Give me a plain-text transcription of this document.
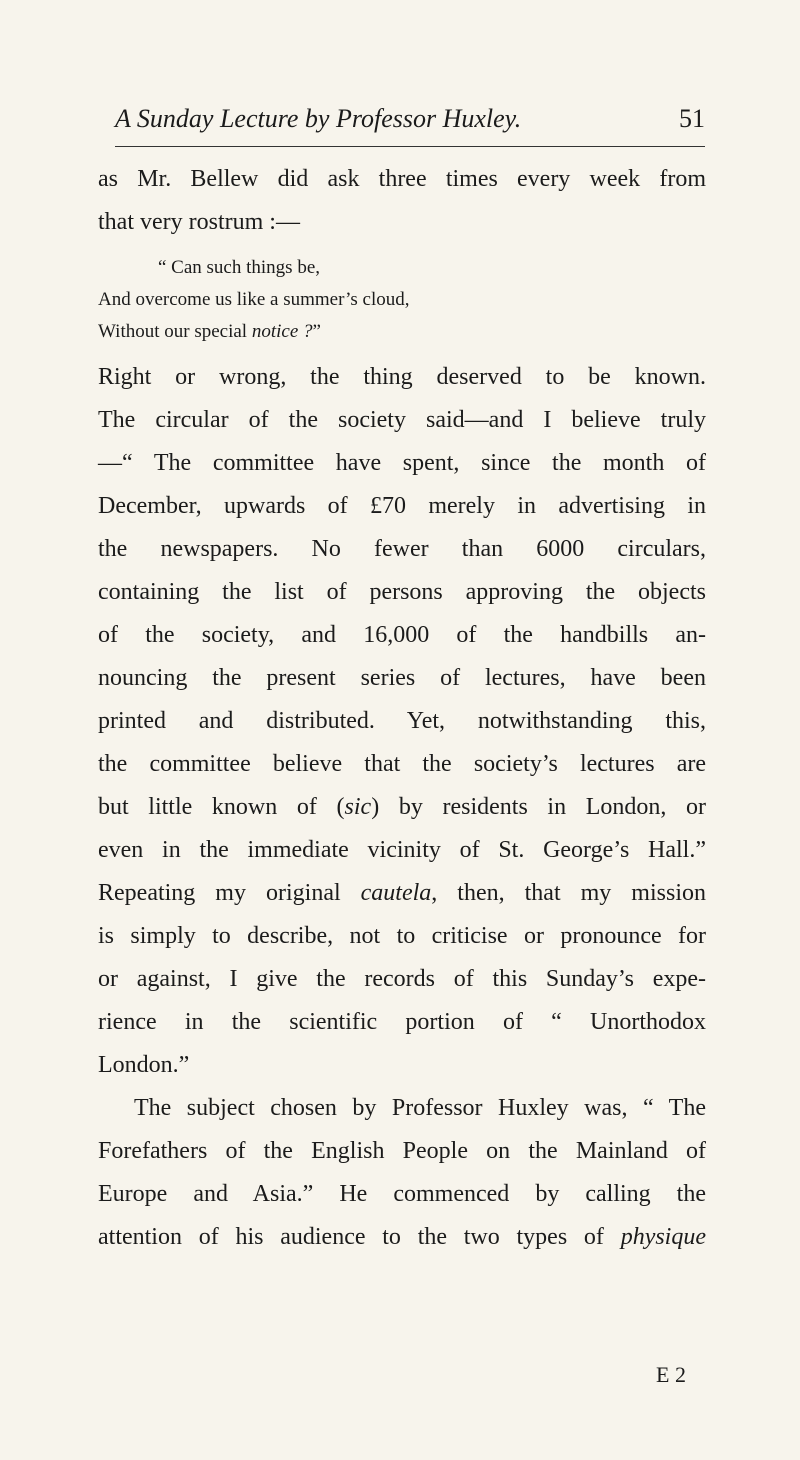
A Sunday Lecture by Professor Huxley.	51
as Mr. Bellew did ask three times every week from
that very rostrum :—
“ Can such things be,
And overcome us like a summer’s cloud,
Without our special notice ?”
Right or wrong, the thing deserved to be known.
The circular of the society said—and I believe truly
—“ The committee have spent, since the month of
December, upwards of £70 merely in advertising in
the newspapers. No fewer than 6000 circulars,
containing the list of persons approving the objects
of the society, and 16,000 of the handbills an-
nouncing the present series of lectures, have been
printed and distributed. Yet, notwithstanding this,
the committee believe that the society’s lectures are
but little known of (sic) by residents in London, or
even in the immediate vicinity of St. George’s Hall.”
Repeating my original cautela, then, that my mission
is simply to describe, not to criticise or pronounce for
or against, I give the records of this Sunday’s expe-
rience in the scientific portion of “ Unorthodox
London.”
The subject chosen by Professor Huxley was, “ The
Forefathers of the English People on the Mainland of
Europe and Asia.” He commenced by calling the
attention of his audience to the two types of physique
E 2
